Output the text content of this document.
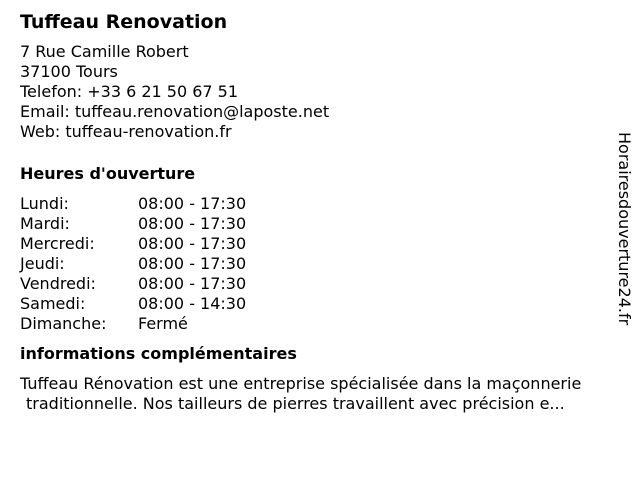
Tuffeau Renovation
7 Rue Camille Robert
37100 Tours
Telefon: +33 6 21 50 67 51
Email: tuffeau.renovation@laposte.net
Web: tuffeau-renovation.fr
Heures d'ouverture
Lundi:	08:00 - 17:30
Mardi:	08:00 - 17:30
Mercredi:	08:00 - 17:30
Jeudi:	08:00 - 17:30
Vendredi:	08:00 - 17:30
Samedi:	08:00 - 14:30
Dimanche:	Fermé
informations complémentaires
Tuffeau Rénovation est une entreprise spécialisée dans la maçonnerie
traditionnelle. Nos tailleurs de pierres travaillent avec précision e...
Horairesdouverture24.fr
